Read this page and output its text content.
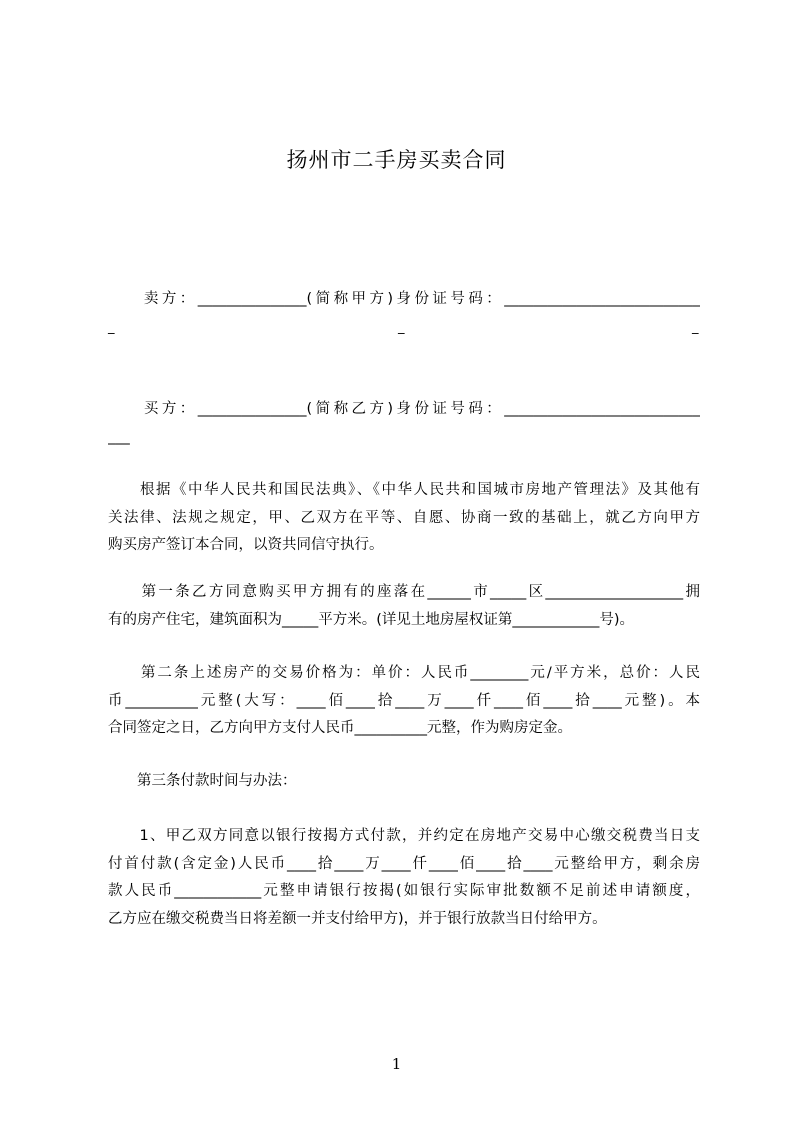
扬州市二手房买卖合同
　　卖方：_______________(简称甲方)身份证号码：___________________________
_	_	_
　　买方：_______________(简称乙方)身份证号码：___________________________
___
　　根据《中华人民共和国民法典》、《中华人民共和国城市房地产管理法》及其他有
关法律、法规之规定，甲、乙双方在平等、自愿、协商一致的基础上，就乙方向甲方
购买房产签订本合同，以资共同信守执行。
　　第一条乙方同意购买甲方拥有的座落在______市_____区___________________拥
有的房产住宅，建筑面积为_____平方米。(详见土地房屋权证第____________号)。
　　第二条上述房产的交易价格为：单价：人民币________元/平方米，总价：人民
币__________元整(大写：____佰____拾____万____仟____佰____拾____元整)。本
合同签定之日，乙方向甲方支付人民币__________元整，作为购房定金。
　　第三条付款时间与办法：
　　1、甲乙双方同意以银行按揭方式付款，并约定在房地产交易中心缴交税费当日支
付首付款(含定金)人民币____拾____万____仟____佰____拾____元整给甲方，剩余房
款人民币____________元整申请银行按揭(如银行实际审批数额不足前述申请额度，
乙方应在缴交税费当日将差额一并支付给甲方)，并于银行放款当日付给甲方。
1
